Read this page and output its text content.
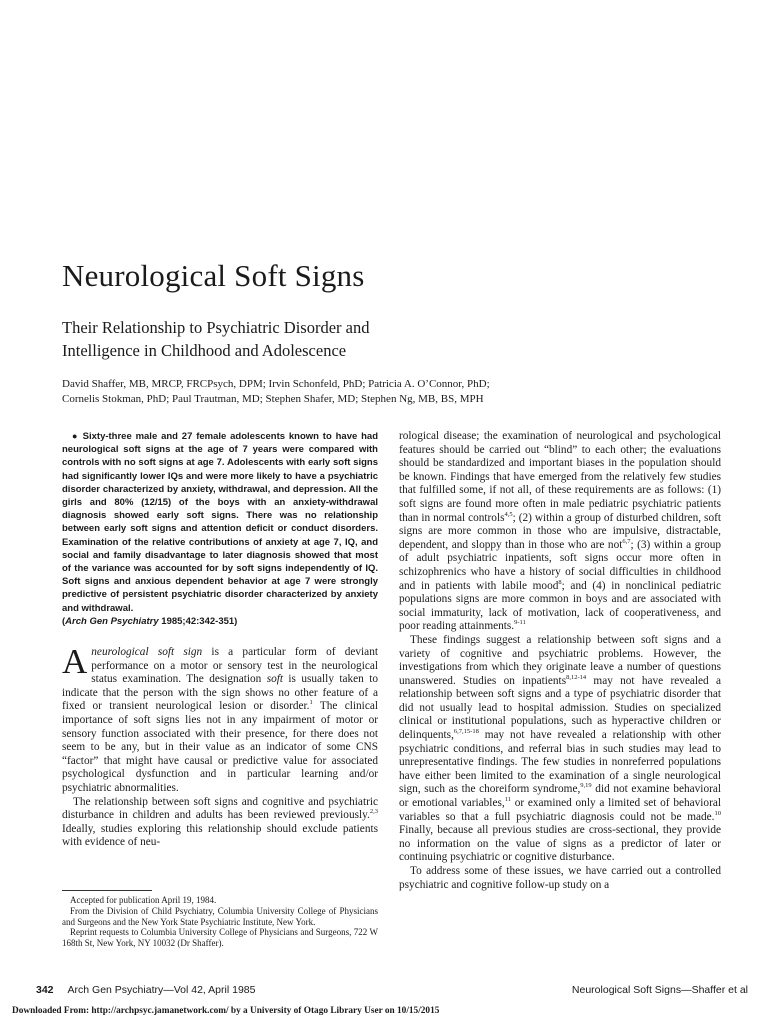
Neurological Soft Signs
Their Relationship to Psychiatric Disorder and
Intelligence in Childhood and Adolescence
David Shaffer, MB, MRCP, FRCPsych, DPM; Irvin Schonfeld, PhD; Patricia A. O’Connor, PhD;
Cornelis Stokman, PhD; Paul Trautman, MD; Stephen Shafer, MD; Stephen Ng, MB, BS, MPH

● Sixty-three male and 27 female adolescents known to have had neurological soft signs at the age of 7 years were compared with controls with no soft signs at age 7. Adolescents with early soft signs had significantly lower IQs and were more likely to have a psychiatric disorder characterized by anxiety, withdrawal, and depression. All the girls and 80% (12/15) of the boys with an anxiety-withdrawal diagnosis showed early soft signs. There was no relationship between early soft signs and attention deficit or conduct disorders. Examination of the relative contributions of anxiety at age 7, IQ, and social and family disadvantage to later diagnosis showed that most of the variance was accounted for by soft signs independently of IQ. Soft signs and anxious dependent behavior at age 7 were strongly predictive of persistent psychiatric disorder characterized by anxiety and withdrawal.

(Arch Gen Psychiatry 1985;42:342-351)

Aneurological soft sign is a particular form of deviant performance on a motor or sensory test in the neurological status examination. The designation soft is usually taken to indicate that the person with the sign shows no other feature of a fixed or transient neurological lesion or disorder.$^1$ The clinical importance of soft signs lies not in any impairment of motor or sensory function associated with their presence, for there does not seem to be any, but in their value as an indicator of some CNS “factor” that might have causal or predictive value for associated psychological dysfunction and in particular learning and/or psychiatric abnormalities.

The relationship between soft signs and cognitive and psychiatric disturbance in children and adults has been reviewed previously.$^{2,3}$ Ideally, studies exploring this relationship should exclude patients with evidence of neu-

Accepted for publication April 19, 1984.

From the Division of Child Psychiatry, Columbia University College of Physicians and Surgeons and the New York State Psychiatric Institute, New York.

Reprint requests to Columbia University College of Physicians and Surgeons, 722 W 168th St, New York, NY 10032 (Dr Shaffer).

rological disease; the examination of neurological and psychological features should be carried out “blind” to each other; the evaluations should be standardized and important biases in the population should be known. Findings that have emerged from the relatively few studies that fulfilled some, if not all, of these requirements are as follows: (1) soft signs are found more often in male pediatric psychiatric patients than in normal controls$^{4,5}$; (2) within a group of disturbed children, soft signs are more common in those who are impulsive, distractable, dependent, and sloppy than in those who are not$^{6,7}$; (3) within a group of adult psychiatric inpatients, soft signs occur more often in schizophrenics who have a history of social difficulties in childhood and in patients with labile mood$^8$; and (4) in nonclinical pediatric populations signs are more common in boys and are associated with social immaturity, lack of motivation, lack of cooperativeness, and poor reading attainments.$^{9-11}$

These findings suggest a relationship between soft signs and a variety of cognitive and psychiatric problems. However, the investigations from which they originate leave a number of questions unanswered. Studies on inpatients$^{8,12-14}$ may not have revealed a relationship between soft signs and a type of psychiatric disorder that did not usually lead to hospital admission. Studies on specialized clinical or institutional populations, such as hyperactive children or delinquents,$^{6,7,15-18}$ may not have revealed a relationship with other psychiatric conditions, and referral bias in such studies may lead to unrepresentative findings. The few studies in nonreferred populations have either been limited to the examination of a single neurological sign, such as the choreiform syndrome,$^{9,19}$ did not examine behavioral or emotional variables,$^{11}$ or examined only a limited set of behavioral variables so that a full psychiatric diagnosis could not be made.$^{10}$ Finally, because all previous studies are cross-sectional, they provide no information on the value of signs as a predictor of later or continuing psychiatric or cognitive disturbance.

To address some of these issues, we have carried out a controlled psychiatric and cognitive follow-up study on a

342 Arch Gen Psychiatry—Vol 42, April 1985	Neurological Soft Signs—Shaffer et al
Downloaded From: http://archpsyc.jamanetwork.com/ by a University of Otago Library User on 10/15/2015
